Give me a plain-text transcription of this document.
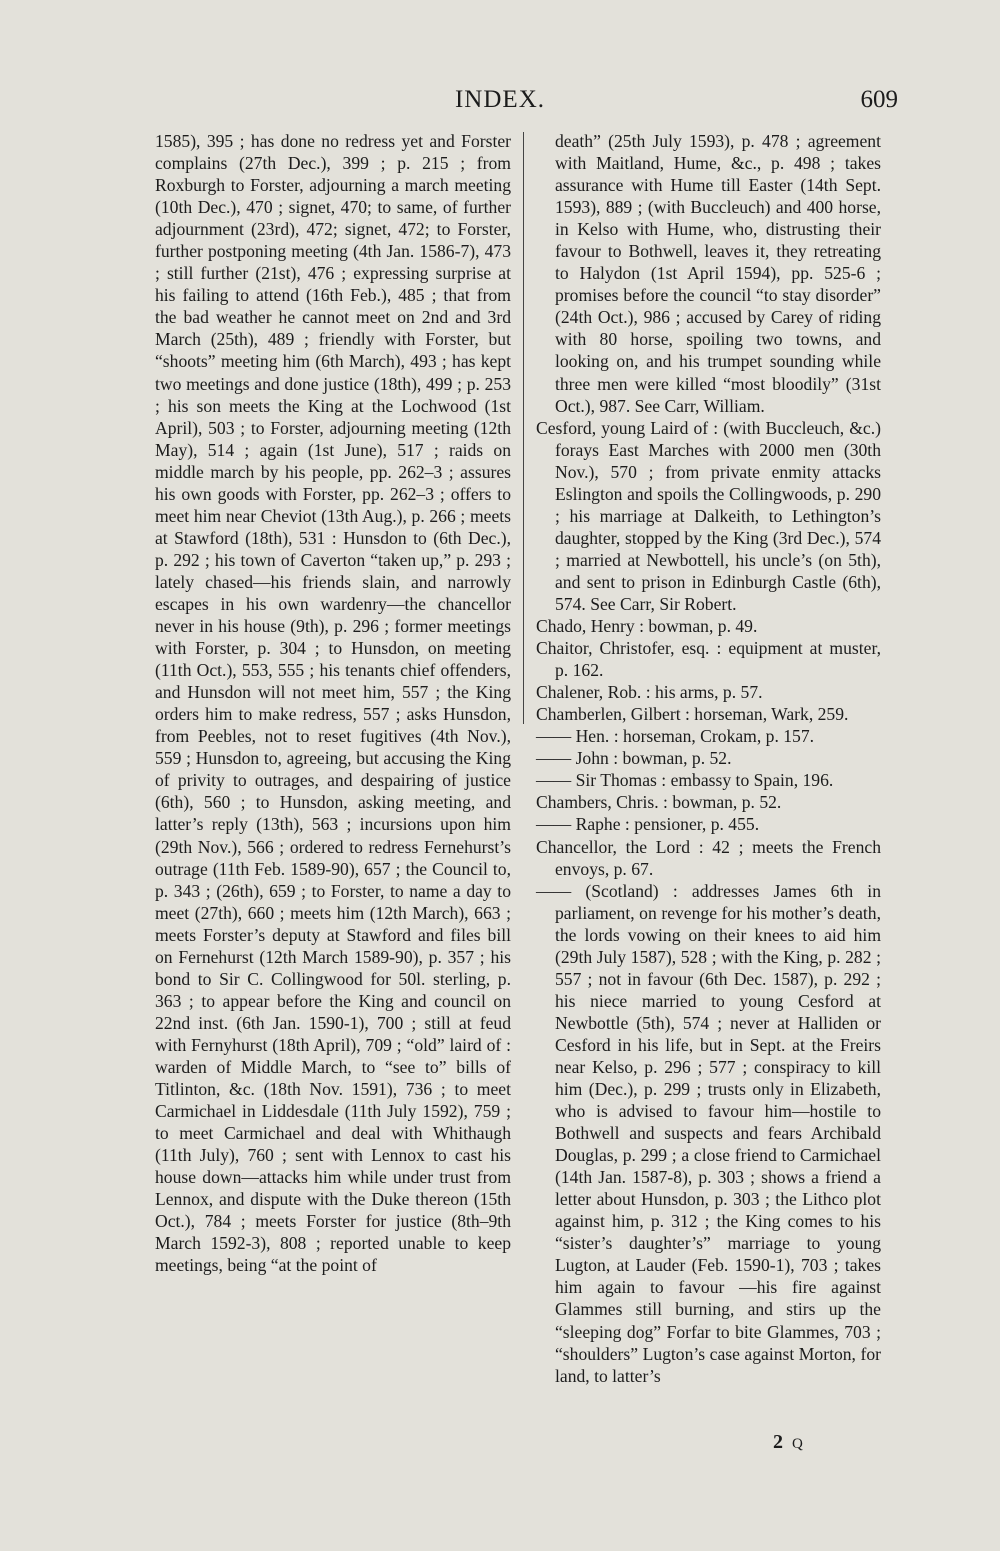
INDEX.	609

1585), 395 ; has done no redress yet and Forster complains (27th Dec.), 399 ; p. 215 ; from Roxburgh to Forster, adjourning a march meeting (10th Dec.), 470 ; signet, 470; to same, of further adjournment (23rd), 472; signet, 472; to Forster, further postponing meeting (4th Jan. 1586-7), 473 ; still further (21st), 476 ; expressing surprise at his failing to attend (16th Feb.), 485 ; that from the bad weather he cannot meet on 2nd and 3rd March (25th), 489 ; friendly with Forster, but “shoots” meeting him (6th March), 493 ; has kept two meetings and done justice (18th), 499 ; p. 253 ; his son meets the King at the Lochwood (1st April), 503 ; to Forster, adjourning meeting (12th May), 514 ; again (1st June), 517 ; raids on middle march by his people, pp. 262–3 ; assures his own goods with Forster, pp. 262–3 ; offers to meet him near Cheviot (13th Aug.), p. 266 ; meets at Stawford (18th), 531 : Hunsdon to (6th Dec.), p. 292 ; his town of Caverton “taken up,” p. 293 ; lately chased—his friends slain, and narrowly escapes in his own wardenry—the chancellor never in his house (9th), p. 296 ; former meetings with Forster, p. 304 ; to Hunsdon, on meeting (11th Oct.), 553, 555 ; his tenants chief offenders, and Hunsdon will not meet him, 557 ; the King orders him to make redress, 557 ; asks Hunsdon, from Peebles, not to reset fugitives (4th Nov.), 559 ; Hunsdon to, agreeing, but accusing the King of privity to outrages, and despairing of justice (6th), 560 ; to Hunsdon, asking meeting, and latter’s reply (13th), 563 ; incursions upon him (29th Nov.), 566 ; ordered to redress Fernehurst’s outrage (11th Feb. 1589-90), 657 ; the Council to, p. 343 ; (26th), 659 ; to Forster, to name a day to meet (27th), 660 ; meets him (12th March), 663 ; meets Forster’s deputy at Stawford and files bill on Fernehurst (12th March 1589-90), p. 357 ; his bond to Sir C. Collingwood for 50l. sterling, p. 363 ; to appear before the King and council on 22nd inst. (6th Jan. 1590-1), 700 ; still at feud with Fernyhurst (18th April), 709 ; “old” laird of : warden of Middle March, to “see to” bills of Titlinton, &c. (18th Nov. 1591), 736 ; to meet Carmichael in Liddesdale (11th July 1592), 759 ; to meet Carmichael and deal with Whithaugh (11th July), 760 ; sent with Lennox to cast his house down—attacks him while under trust from Lennox, and dispute with the Duke thereon (15th Oct.), 784 ; meets Forster for justice (8th–9th March 1592-3), 808 ; reported unable to keep meetings, being “at the point of

death” (25th July 1593), p. 478 ; agreement with Maitland, Hume, &c., p. 498 ; takes assurance with Hume till Easter (14th Sept. 1593), 889 ; (with Buccleuch) and 400 horse, in Kelso with Hume, who, distrusting their favour to Bothwell, leaves it, they retreating to Halydon (1st April 1594), pp. 525-6 ; promises before the council “to stay disorder” (24th Oct.), 986 ; accused by Carey of riding with 80 horse, spoiling two towns, and looking on, and his trumpet sounding while three men were killed “most bloodily” (31st Oct.), 987. See Carr, William.

Cesford, young Laird of : (with Buccleuch, &c.) forays East Marches with 2000 men (30th Nov.), 570 ; from private enmity attacks Eslington and spoils the Collingwoods, p. 290 ; his marriage at Dalkeith, to Lethington’s daughter, stopped by the King (3rd Dec.), 574 ; married at Newbottell, his uncle’s (on 5th), and sent to prison in Edinburgh Castle (6th), 574. See Carr, Sir Robert.

Chado, Henry : bowman, p. 49.

Chaitor, Christofer, esq. : equipment at muster, p. 162.

Chalener, Rob. : his arms, p. 57.

Chamberlen, Gilbert : horseman, Wark, 259.

—— Hen. : horseman, Crokam, p. 157.

—— John : bowman, p. 52.

—— Sir Thomas : embassy to Spain, 196.

Chambers, Chris. : bowman, p. 52.

—— Raphe : pensioner, p. 455.

Chancellor, the Lord : 42 ; meets the French envoys, p. 67.

—— (Scotland) : addresses James 6th in parliament, on revenge for his mother’s death, the lords vowing on their knees to aid him (29th July 1587), 528 ; with the King, p. 282 ; 557 ; not in favour (6th Dec. 1587), p. 292 ; his niece married to young Cesford at Newbottle (5th), 574 ; never at Halliden or Cesford in his life, but in Sept. at the Freirs near Kelso, p. 296 ; 577 ; conspiracy to kill him (Dec.), p. 299 ; trusts only in Elizabeth, who is advised to favour him—hostile to Bothwell and suspects and fears Archibald Douglas, p. 299 ; a close friend to Carmichael (14th Jan. 1587-8), p. 303 ; shows a friend a letter about Hunsdon, p. 303 ; the Lithco plot against him, p. 312 ; the King comes to his “sister’s daughter’s” marriage to young Lugton, at Lauder (Feb. 1590-1), 703 ; takes him again to favour —his fire against Glammes still burning, and stirs up the “sleeping dog” Forfar to bite Glammes, 703 ; “shoulders” Lugton’s case against Morton, for land, to latter’s

2 Q
